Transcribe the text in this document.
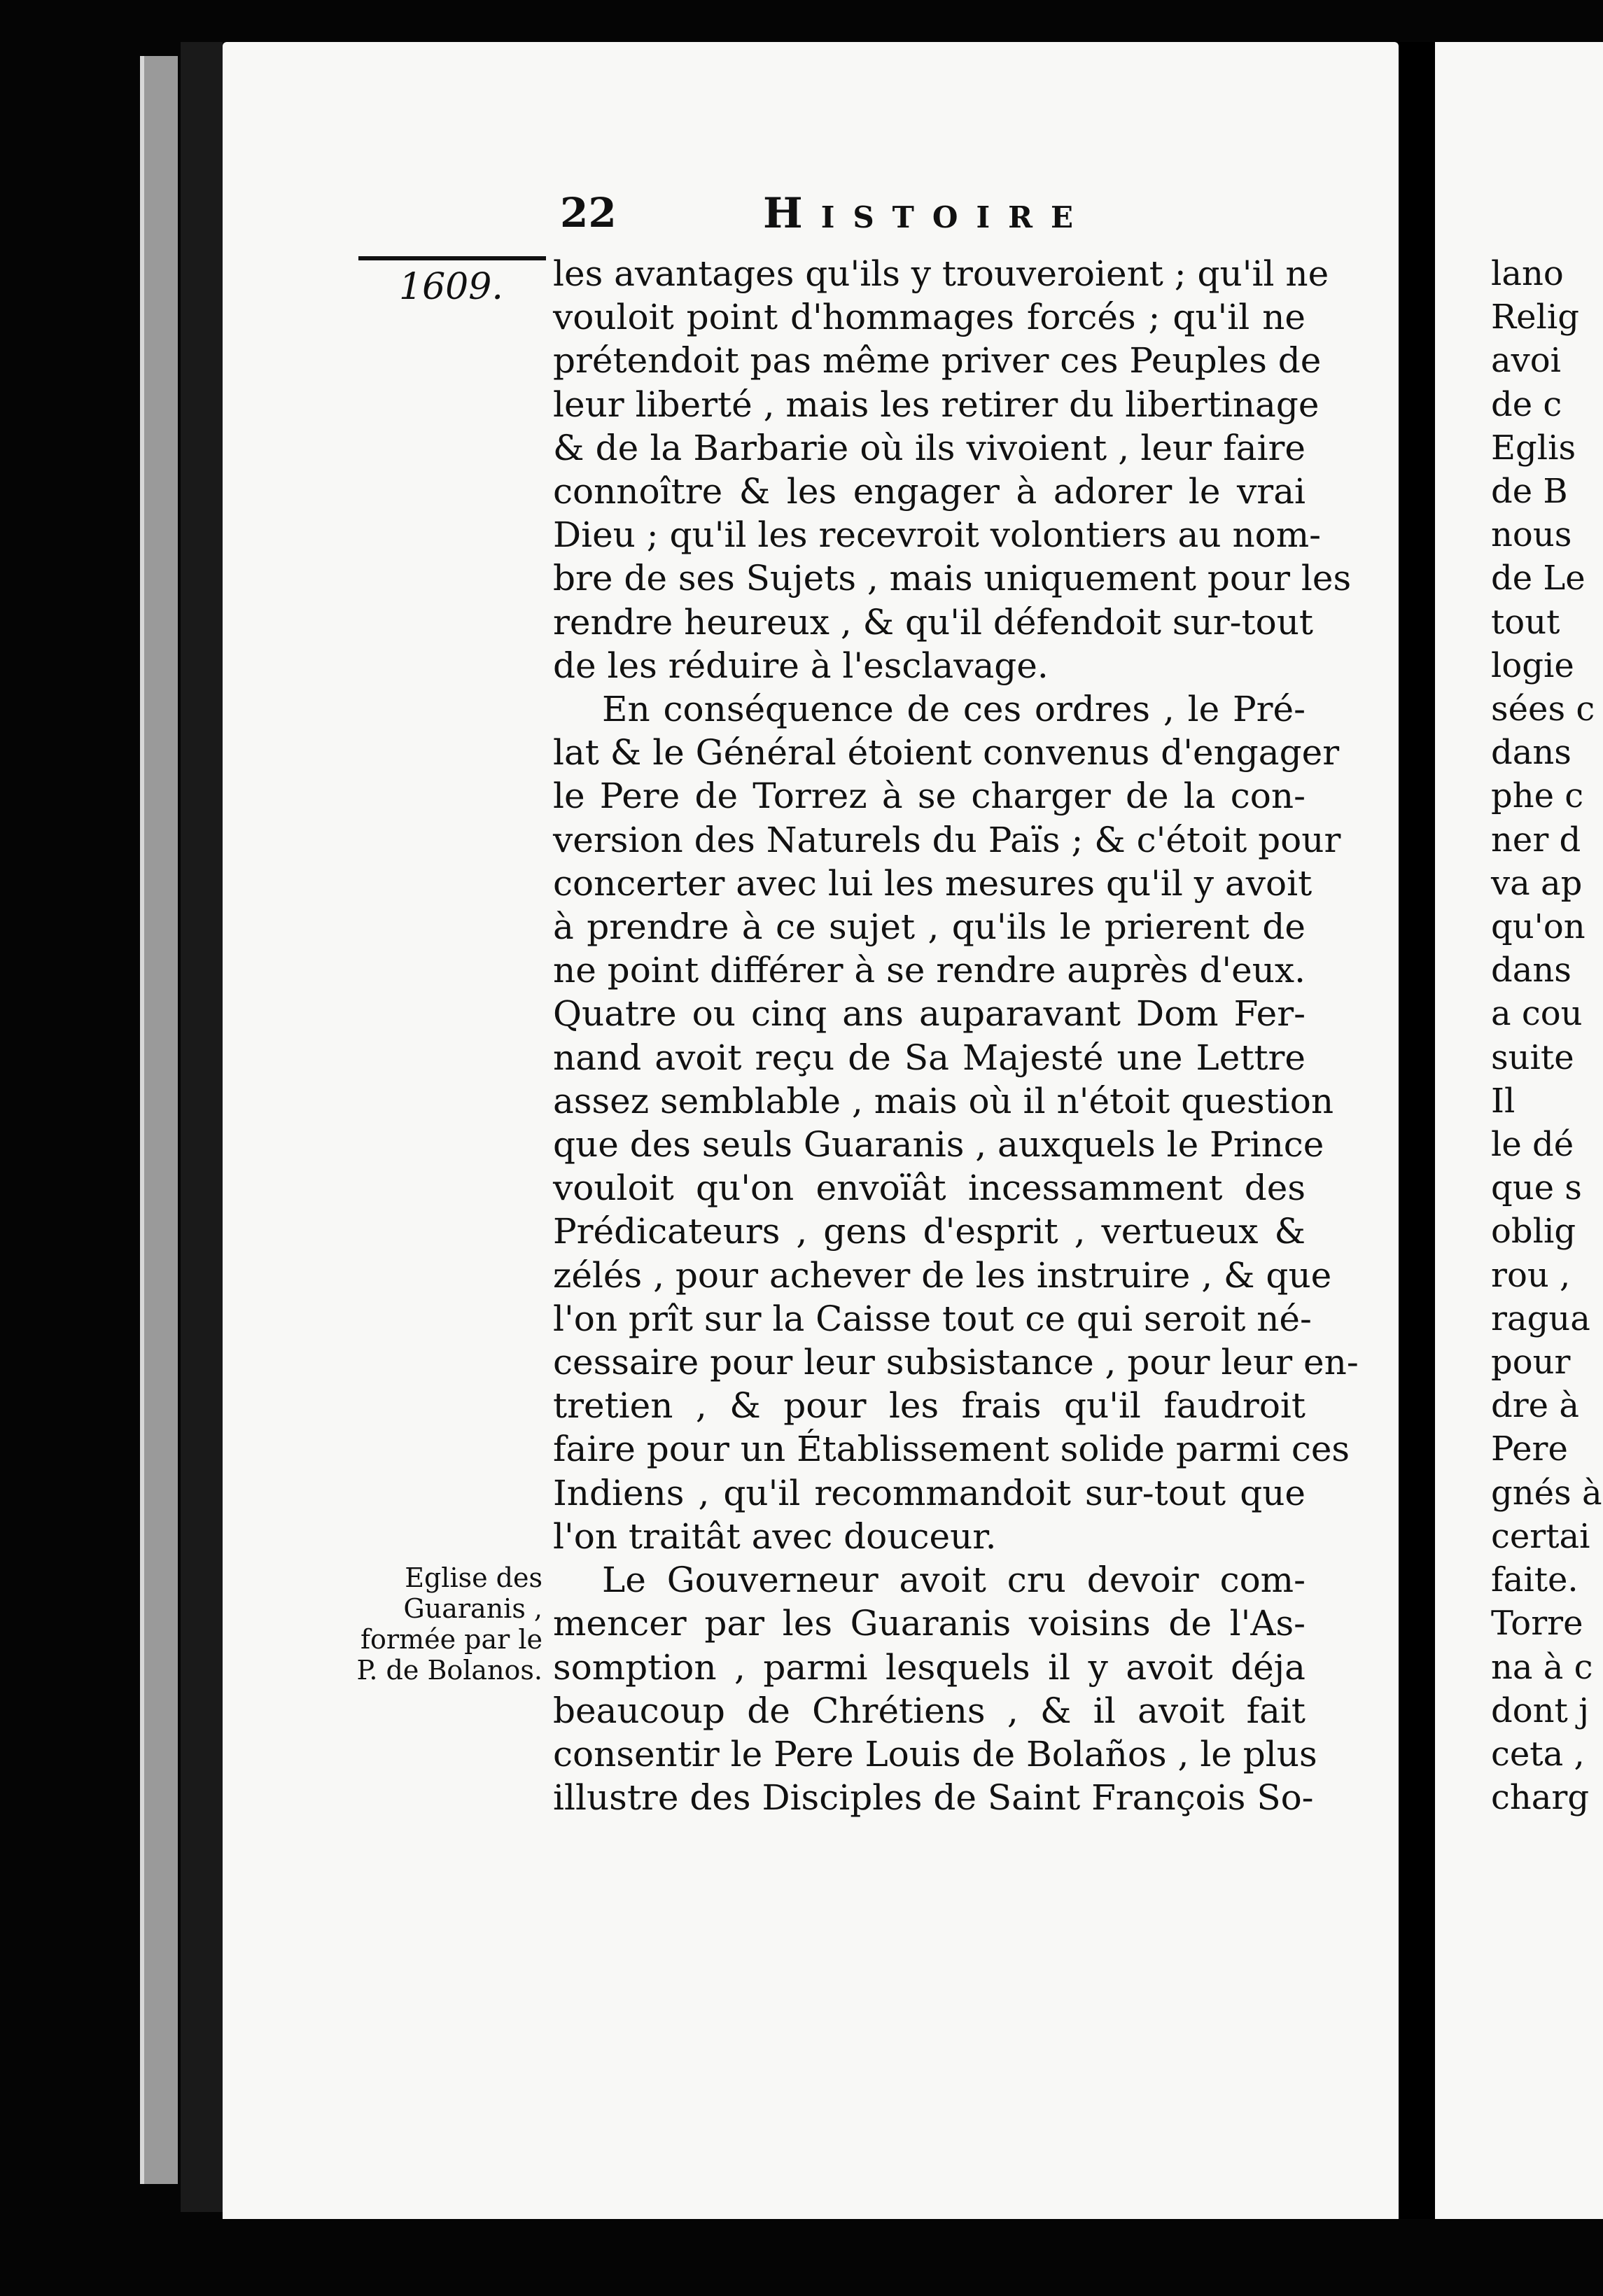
22	Histoire
1609. les avantages qu'ils y trouveroient ; qu'il ne
vouloit point d'hommages forcés ; qu'il ne
prétendoit pas même priver ces Peuples de
leur liberté , mais les retirer du libertinage
& de la Barbarie où ils vivoient , leur faire
connoître & les engager à adorer le vrai
Dieu ; qu'il les recevroit volontiers au nom-
bre de ses Sujets , mais uniquement pour les
rendre heureux , & qu'il défendoit sur-tout
de les réduire à l'esclavage.
En conséquence de ces ordres , le Pré-
lat & le Général étoient convenus d'engager
le Pere de Torrez à se charger de la con-
version des Naturels du Païs ; & c'étoit pour
concerter avec lui les mesures qu'il y avoit
à prendre à ce sujet , qu'ils le prierent de
ne point différer à se rendre auprès d'eux.
Quatre ou cinq ans auparavant Dom Fer-
nand avoit reçu de Sa Majesté une Lettre
assez semblable , mais où il n'étoit question
que des seuls Guaranis , auxquels le Prince
vouloit qu'on envoïât incessamment des
Prédicateurs , gens d'esprit , vertueux &
zélés , pour achever de les instruire , & que
l'on prît sur la Caisse tout ce qui seroit né-
cessaire pour leur subsistance , pour leur en-
tretien , & pour les frais qu'il faudroit
faire pour un Établissement solide parmi ces
Indiens , qu'il recommandoit sur-tout que
l'on traitât avec douceur.
Le Gouverneur avoit cru devoir com-
mencer par les Guaranis voisins de l'As-
somption , parmi lesquels il y avoit déja
beaucoup de Chrétiens , & il avoit fait
consentir le Pere Louis de Bolaños , le plus
illustre des Disciples de Saint François So-
Eglise des
Guaranis ,
formée par le
P. de Bolanos.
lano
Relig
avoi
de c
Eglis
de B
nous
de Le
tout
logie
sées c
dans
phe c
ner d
va ap
qu'on
dans
a cou
suite
Il
le dé
que s
oblig
rou ,
ragua
pour
dre à
Pere
gnés à
certai
faite.
Torre
na à c
dont j
ceta ,
charg
